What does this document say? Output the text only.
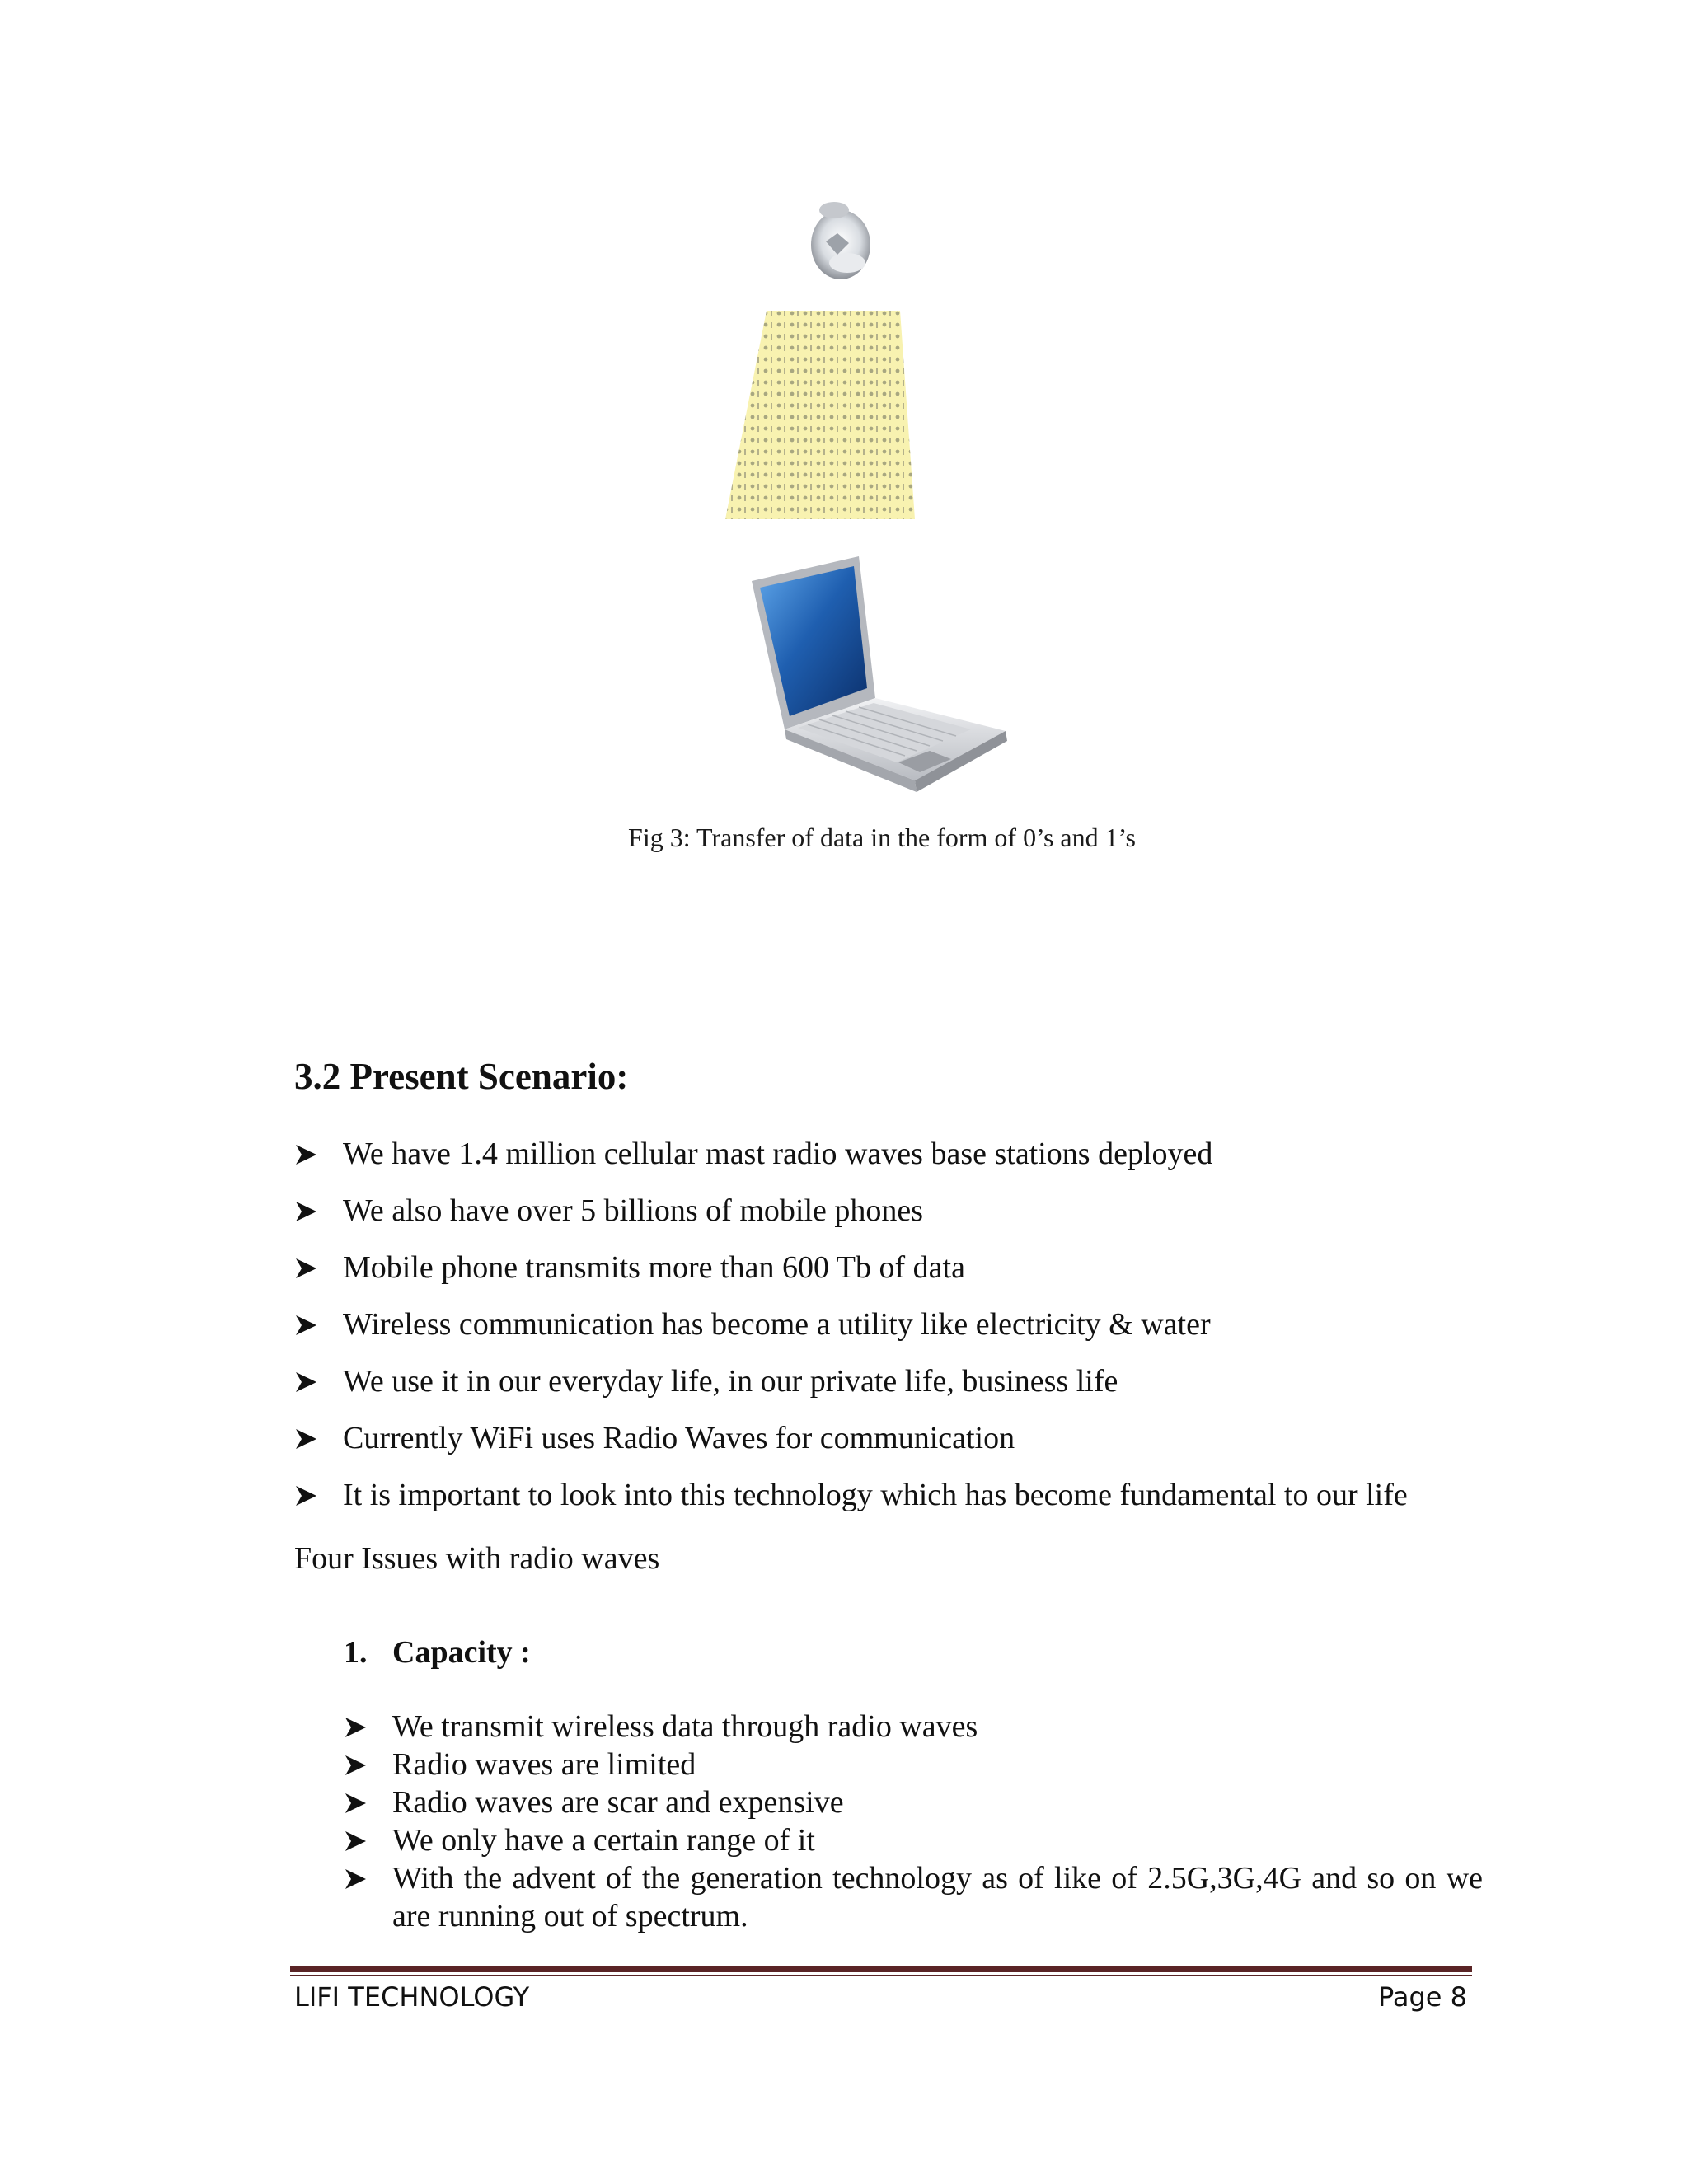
Fig 3: Transfer of data in the form of 0’s and 1’s
3.2 Present Scenario:
We have 1.4 million cellular mast radio waves base stations deployed
We also have over 5 billions of mobile phones
Mobile phone transmits more than 600 Tb of data
Wireless communication has become a utility like electricity & water
We use it in our everyday life, in our private life, business life
Currently WiFi uses Radio Waves for communication
It is important to look into this technology which has become fundamental to our life
Four Issues with radio waves
1. Capacity :
We transmit wireless data through radio waves
Radio waves are limited
Radio waves are scar and expensive
We only have a certain range of it
With the advent of the generation technology as of like of 2.5G,3G,4G and so on we are running out of spectrum.
LIFI TECHNOLOGY	Page 8
